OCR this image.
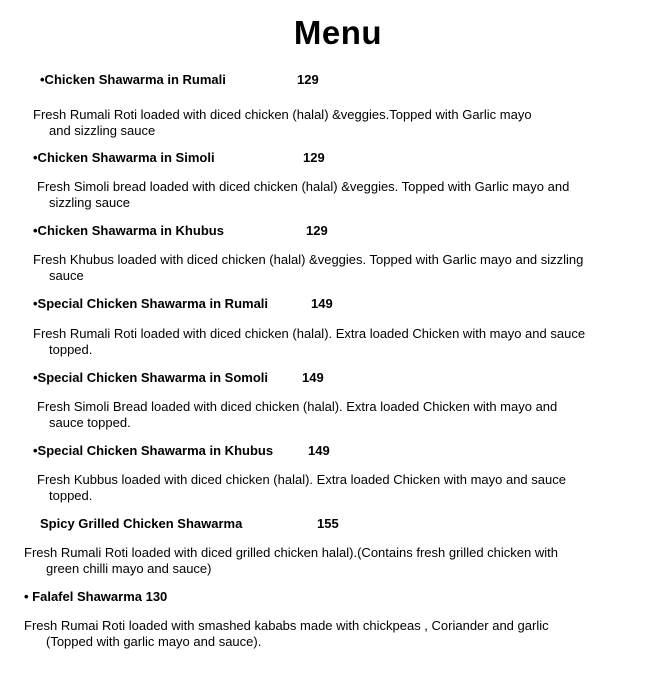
Menu
•Chicken Shawarma in Rumali	129
Fresh Rumali Roti loaded with diced chicken (halal) &veggies.Topped with Garlic mayo
and sizzling sauce
•Chicken Shawarma in Simoli	129
Fresh Simoli bread loaded with diced chicken (halal) &veggies. Topped with Garlic mayo and
sizzling sauce
•Chicken Shawarma in Khubus	129
Fresh Khubus loaded with diced chicken (halal) &veggies. Topped with Garlic mayo and sizzling
sauce
•Special Chicken Shawarma in Rumali	149
Fresh Rumali Roti loaded with diced chicken (halal). Extra loaded Chicken with mayo and sauce
topped.
•Special Chicken Shawarma in Somoli	149
Fresh Simoli Bread loaded with diced chicken (halal). Extra loaded Chicken with mayo and
sauce topped.
•Special Chicken Shawarma in Khubus	149
Fresh Kubbus loaded with diced chicken (halal). Extra loaded Chicken with mayo and sauce
topped.
Spicy Grilled Chicken Shawarma	155
Fresh Rumali Roti loaded with diced grilled chicken halal).(Contains fresh grilled chicken with
green chilli mayo and sauce)
• Falafel Shawarma 130
Fresh Rumai Roti loaded with smashed kababs made with chickpeas , Coriander and garlic
(Topped with garlic mayo and sauce).
